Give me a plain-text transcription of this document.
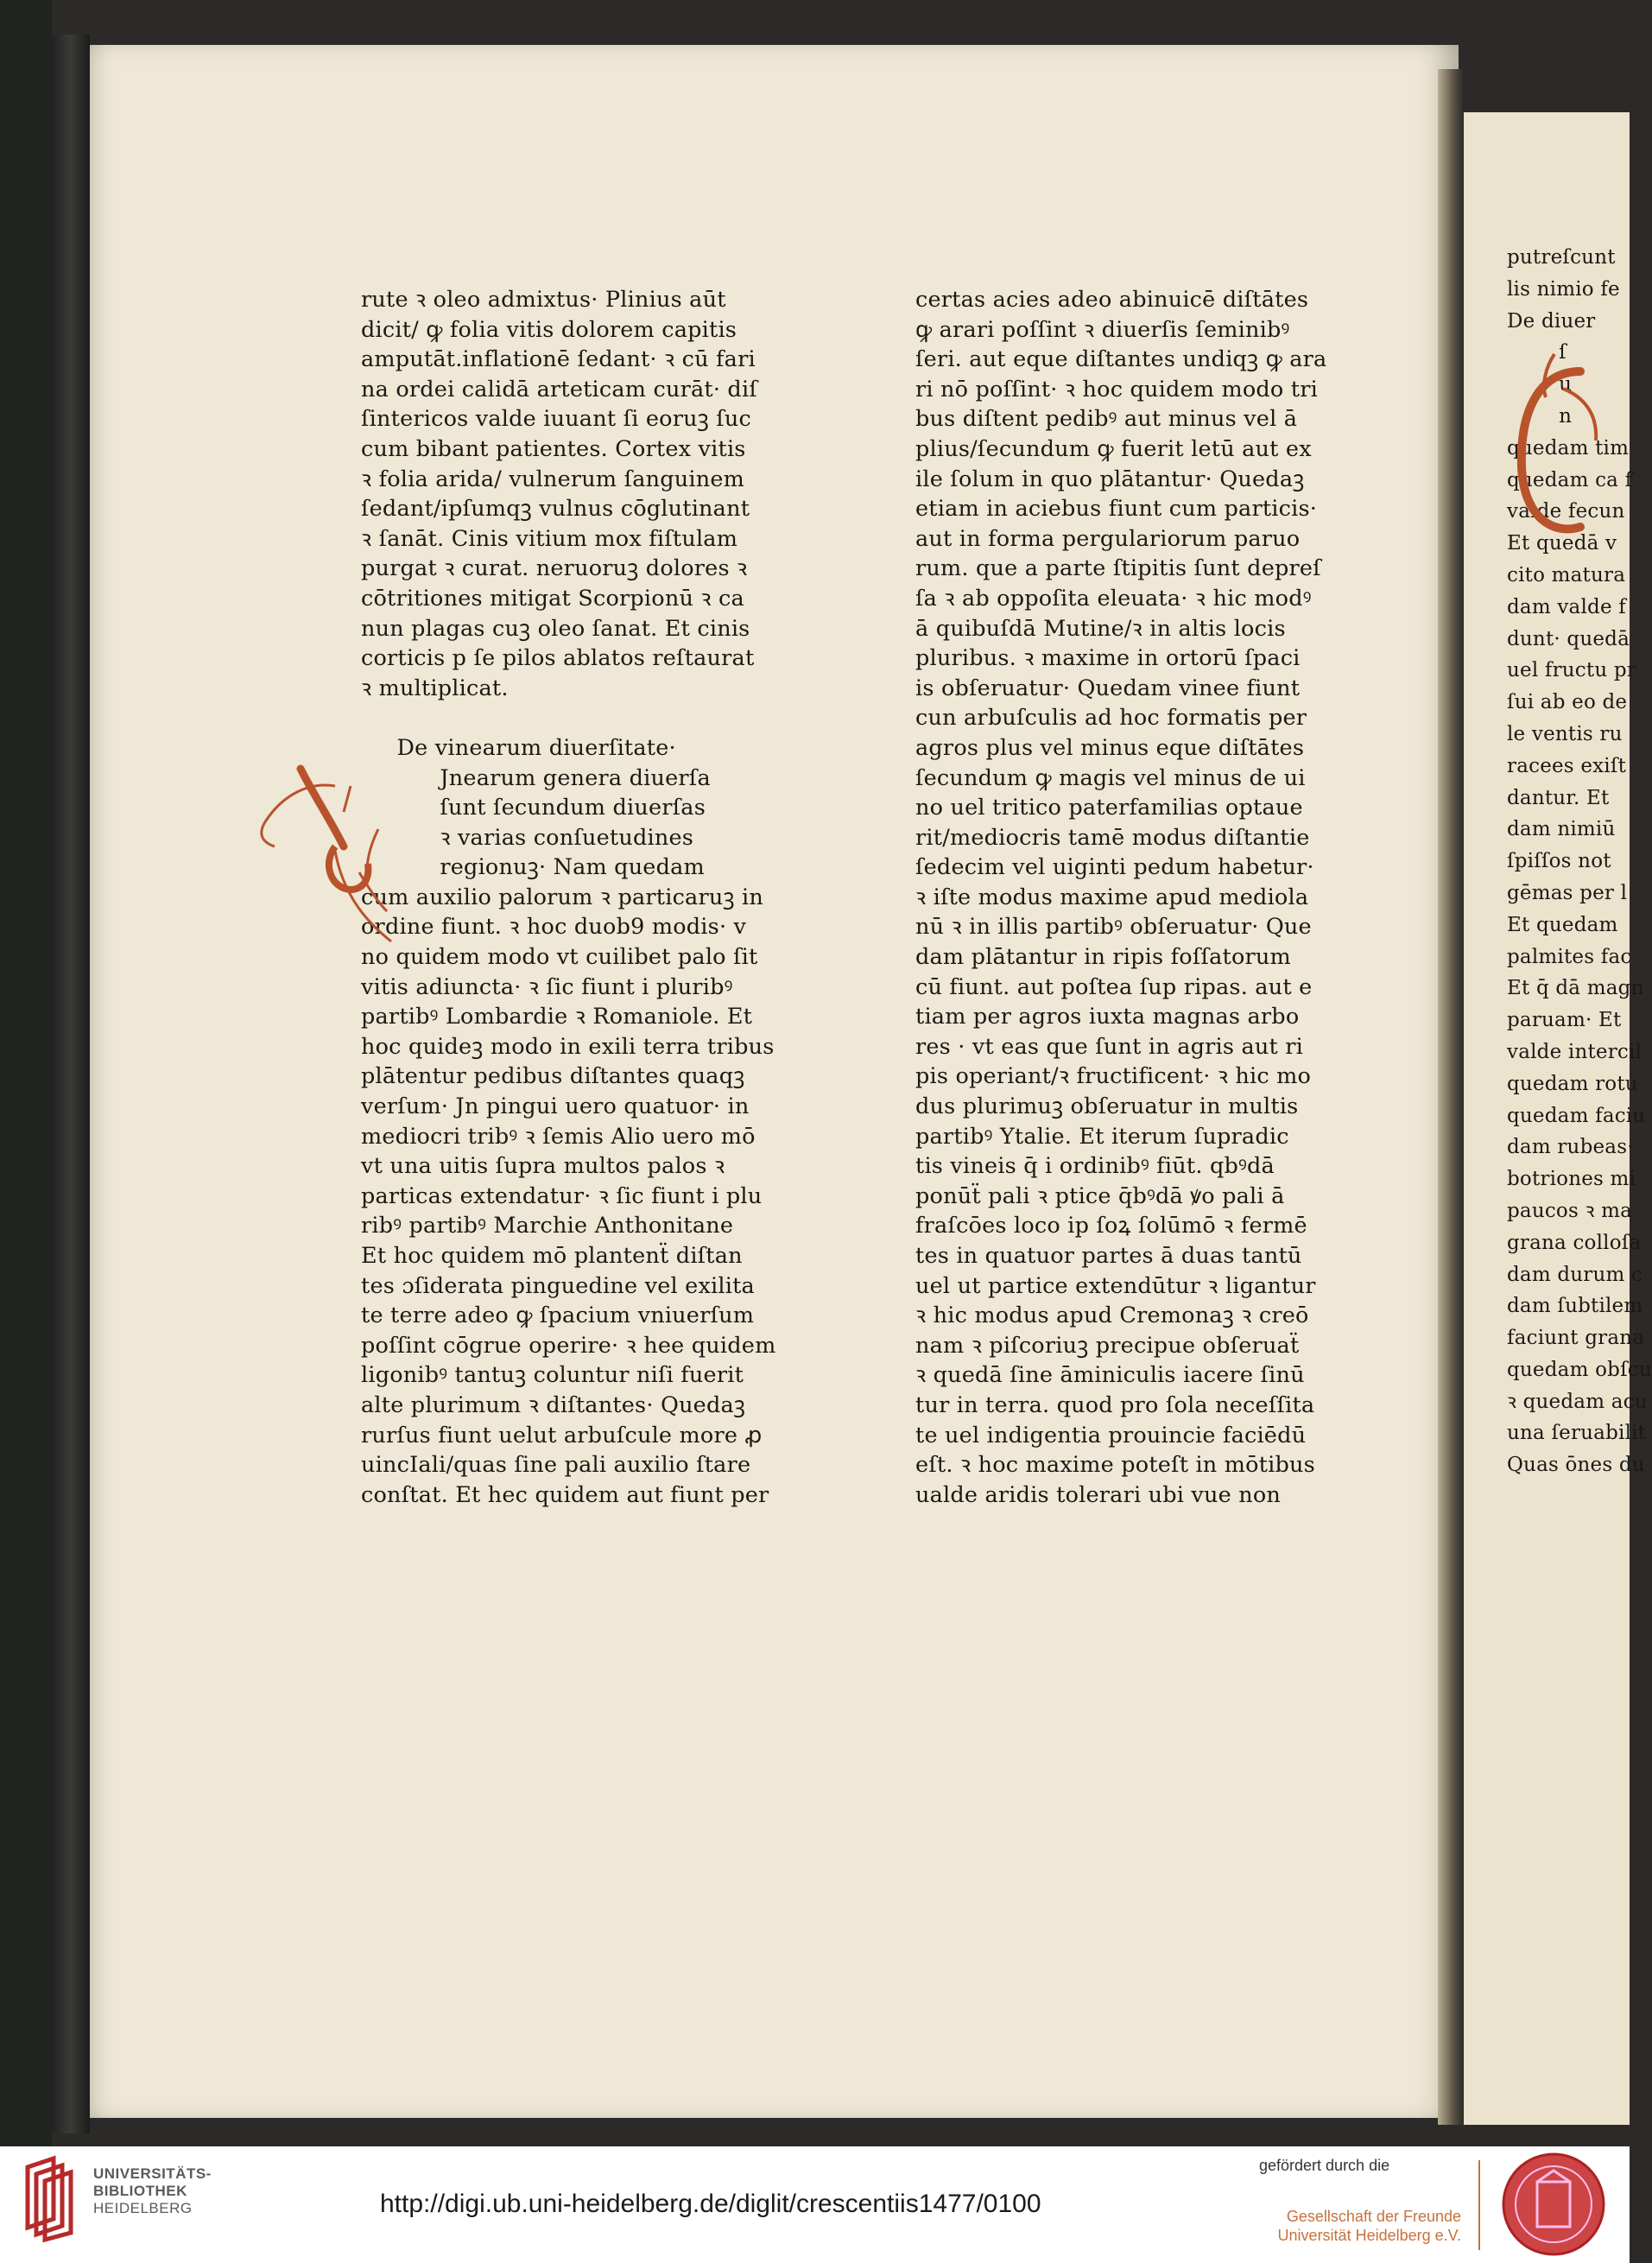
rute ꝛ oleo admixtus· Plinius aūt
dicit/ ꝙ folia vitis dolorem capitis
amputāt.inflationē ſedant· ꝛ cū fari
na ordei calidā arteticam curāt· diſ
ſintericos valde iuuant ſi eoruꝫ ſuc
cum bibant patientes. Cortex vitis
ꝛ folia arida/ vulnerum ſanguinem
ſedant/ipſumqꝫ vulnus cōglutinant
ꝛ ſanāt. Cinis vitium mox fiſtulam
purgat ꝛ curat. neruoruꝫ dolores ꝛ
cōtritiones mitigat Scorpionū ꝛ ca
nun plagas cuꝫ oleo ſanat. Et cinis
corticis p ſe pilos ablatos reſtaurat
ꝛ multiplicat.
De vinearum diuerſitate·
Jnearum genera diuerſa
ſunt ſecundum diuerſas
ꝛ varias conſuetudines
regionuꝫ· Nam quedam
cum auxilio palorum ꝛ particaruꝫ in
ordine fiunt. ꝛ hoc duob9 modis· v
no quidem modo vt cuilibet palo ſit
vitis adiuncta· ꝛ ſic fiunt i pluribꝰ
partibꝰ Lombardie ꝛ Romaniole. Et
hoc quideꝫ modo in exili terra tribus
plātentur pedibus diſtantes quaqꝫ
verſum· Jn pingui uero quatuor· in
mediocri tribꝰ ꝛ ſemis Alio uero mō
vt una uitis ſupra multos palos ꝛ
particas extendatur· ꝛ ſic fiunt i plu
ribꝰ partibꝰ Marchie Anthonitane
Et hoc quidem mō plantenẗ diſtan
tes ɔſiderata pinguedine vel exilita
te terre adeo ꝙ ſpacium vniuerſum
poſſint cōgrue operire· ꝛ hee quidem
ligonibꝰ tantuꝫ coluntur niſi fuerit
alte plurimum ꝛ diſtantes· Quedaꝫ
rurſus fiunt uelut arbuſcule more ꝓ
uincIali/quas ſine pali auxilio ſtare
conſtat. Et hec quidem aut fiunt per
certas acies adeo abinuicē diſtātes
ꝙ arari poſſint ꝛ diuerſis ſeminibꝰ
ſeri. aut eque diſtantes undiqꝫ ꝙ ara
ri nō poſſint· ꝛ hoc quidem modo tri
bus diſtent pedibꝰ aut minus vel ā
plius/ſecundum ꝙ fuerit letū aut ex
ile ſolum in quo plātantur· Quedaꝫ
etiam in aciebus fiunt cum particis·
aut in forma pergulariorum paruo
rum. que a parte ſtipitis ſunt depreſ
ſa ꝛ ab oppoſita eleuata· ꝛ hic modꝰ
ā quibuſdā Mutine/ꝛ in altis locis
pluribus. ꝛ maxime in ortorū ſpaci
is obſeruatur· Quedam vinee fiunt
cun arbuſculis ad hoc formatis per
agros plus vel minus eque diſtātes
ſecundum ꝙ magis vel minus de ui
no uel tritico paterfamilias optaue
rit/mediocris tamē modus diſtantie
ſedecim vel uiginti pedum habetur·
ꝛ iſte modus maxime apud mediola
nū ꝛ in illis partibꝰ obſeruatur· Que
dam plātantur in ripis foſſatorum
cū fiunt. aut poſtea ſup ripas. aut e
tiam per agros iuxta magnas arbo
res · vt eas que ſunt in agris aut ri
pis operiant/ꝛ fructificent· ꝛ hic mo
dus plurimuꝫ obſeruatur in multis
partibꝰ Ytalie. Et iterum ſupradic
tis vineis q̄ i ordinibꝰ fiūt. qbꝰdā
ponūẗ pali ꝛ ptice q̄bꝰdā ꝟo pali ā
fraſcōes loco ip ſoꝝ ſolūmō ꝛ fermē
tes in quatuor partes ā duas tantū
uel ut partice extendūtur ꝛ ligantur
ꝛ hic modus apud Cremonaꝫ ꝛ creō
nam ꝛ piſcoriuꝫ precipue obſeruaẗ
ꝛ quedā ſine āminiculis iacere ſinū
tur in terra. quod pro ſola neceſſita
te uel indigentia prouincie faciēdū
eſt. ꝛ hoc maxime poteſt in mōtibus
ualde aridis tolerari ubi vue non
putreſcunt
lis nimio fe
De diuer
ſ
u
n
quedam tim
quedam ca f
valde fecun
Et quedā v
cito matura
dam valde f
dunt· quedā
uel fructu pr
ſui ab eo de
le ventis ru
racees exiſt
dantur. Et
dam nimiū
ſpiſſos not
gēmas per l
Et quedam
palmites fac
Et q̄ dā magn
paruam· Et
valde intercil
quedam rotu
quedam faciu
dam rubeas·
botriones mi
paucos ꝛ ma
grana colloſa
dam durum c
dam ſubtilem
faciunt grana
quedam obſcu
ꝛ quedam acu
una ſeruabilit
Quas ōnes du
UNIVERSITÄTS-
BIBLIOTHEK
HEIDELBERG	http://digi.ub.uni-heidelberg.de/diglit/crescentiis1477/0100
gefördert durch die
Gesellschaft der Freunde
Universität Heidelberg e.V.
